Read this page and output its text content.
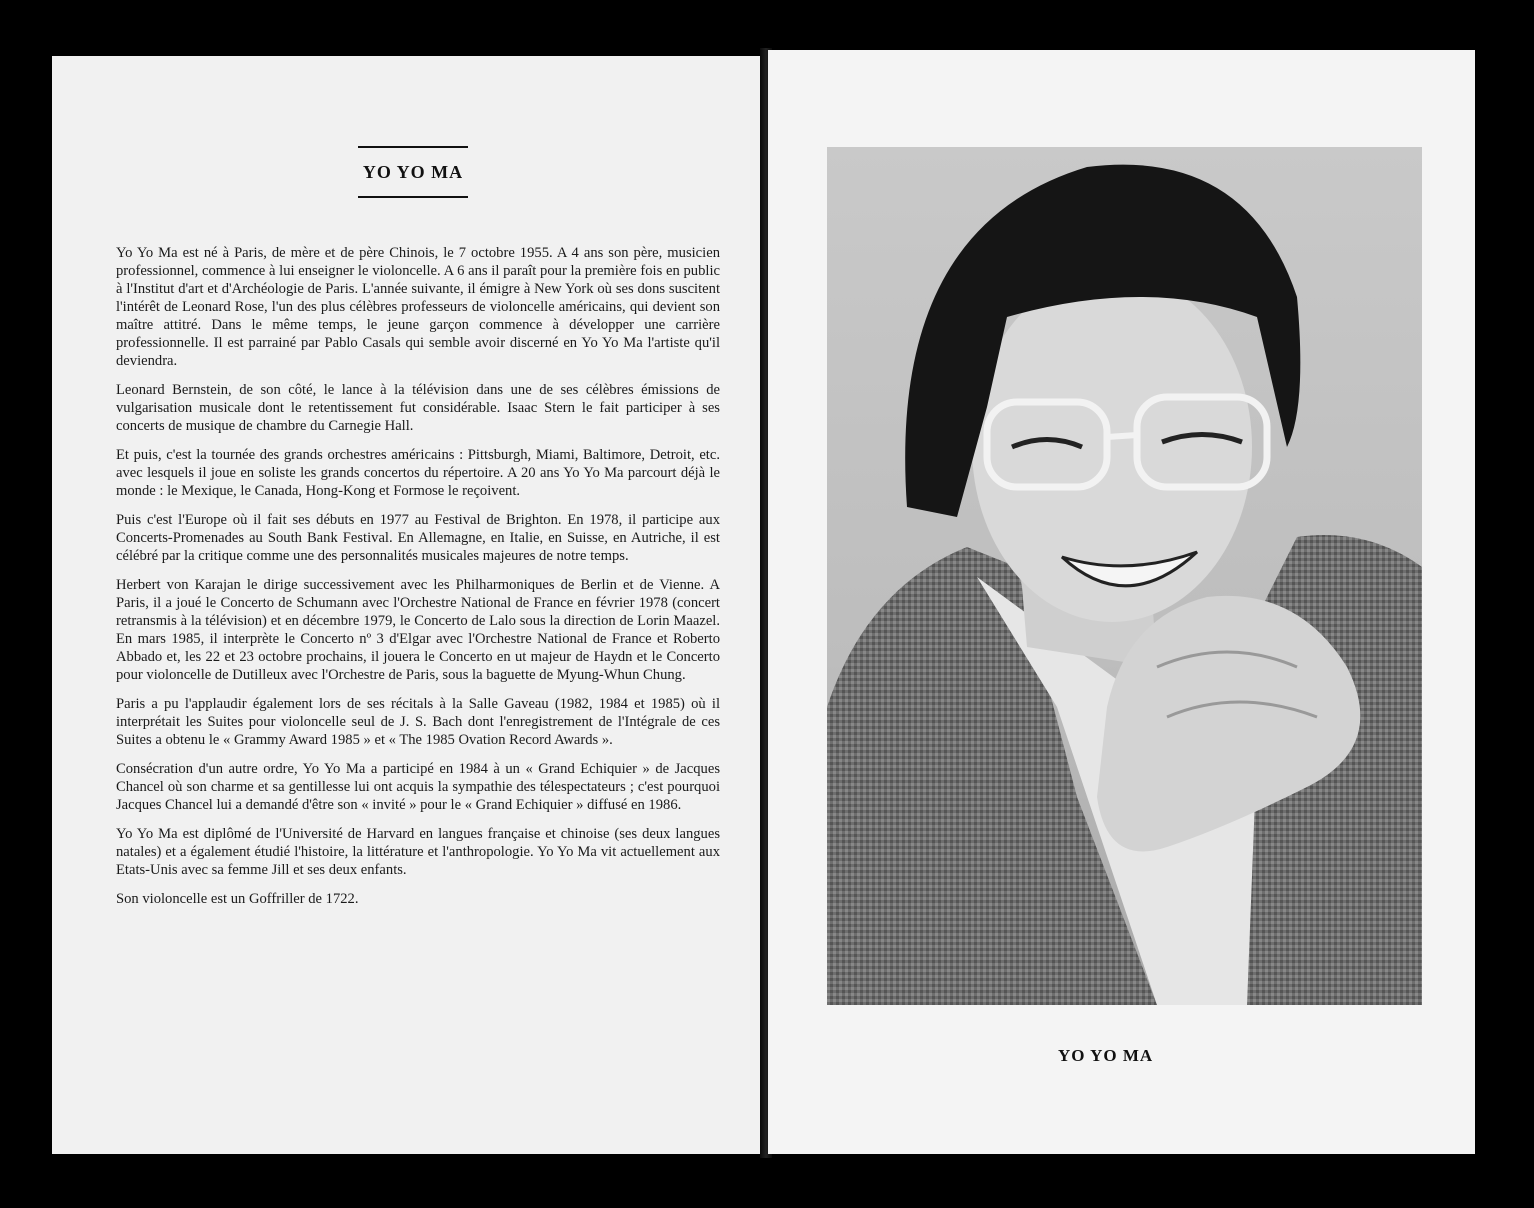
YO YO MA

Yo Yo Ma est né à Paris, de mère et de père Chinois, le 7 octobre 1955. A 4 ans son père, musicien professionnel, commence à lui enseigner le violoncelle. A 6 ans il paraît pour la première fois en public à l'Institut d'art et d'Archéologie de Paris. L'année suivante, il émigre à New York où ses dons suscitent l'intérêt de Leonard Rose, l'un des plus célèbres professeurs de violoncelle américains, qui devient son maître attitré. Dans le même temps, le jeune garçon commence à développer une carrière professionnelle. Il est parrainé par Pablo Casals qui semble avoir discerné en Yo Yo Ma l'artiste qu'il deviendra.

Leonard Bernstein, de son côté, le lance à la télévision dans une de ses célèbres émissions de vulgarisation musicale dont le retentissement fut considérable. Isaac Stern le fait participer à ses concerts de musique de chambre du Carnegie Hall.

Et puis, c'est la tournée des grands orchestres américains : Pittsburgh, Miami, Baltimore, Detroit, etc. avec lesquels il joue en soliste les grands concertos du répertoire. A 20 ans Yo Yo Ma parcourt déjà le monde : le Mexique, le Canada, Hong-Kong et Formose le reçoivent.

Puis c'est l'Europe où il fait ses débuts en 1977 au Festival de Brighton. En 1978, il participe aux Concerts-Promenades au South Bank Festival. En Allemagne, en Italie, en Suisse, en Autriche, il est célébré par la critique comme une des personnalités musicales majeures de notre temps.

Herbert von Karajan le dirige successivement avec les Philharmoniques de Berlin et de Vienne. A Paris, il a joué le Concerto de Schumann avec l'Orchestre National de France en février 1978 (concert retransmis à la télévision) et en décembre 1979, le Concerto de Lalo sous la direction de Lorin Maazel. En mars 1985, il interprète le Concerto nº 3 d'Elgar avec l'Orchestre National de France et Roberto Abbado et, les 22 et 23 octobre prochains, il jouera le Concerto en ut majeur de Haydn et le Concerto pour violoncelle de Dutilleux avec l'Orchestre de Paris, sous la baguette de Myung-Whun Chung.

Paris a pu l'applaudir également lors de ses récitals à la Salle Gaveau (1982, 1984 et 1985) où il interprétait les Suites pour violoncelle seul de J. S. Bach dont l'enregistrement de l'Intégrale de ces Suites a obtenu le « Grammy Award 1985 » et « The 1985 Ovation Record Awards ».

Consécration d'un autre ordre, Yo Yo Ma a participé en 1984 à un « Grand Echiquier » de Jacques Chancel où son charme et sa gentillesse lui ont acquis la sympathie des télespectateurs ; c'est pourquoi Jacques Chancel lui a demandé d'être son « invité » pour le « Grand Echiquier » diffusé en 1986.

Yo Yo Ma est diplômé de l'Université de Harvard en langues française et chinoise (ses deux langues natales) et a également étudié l'histoire, la littérature et l'anthropologie. Yo Yo Ma vit actuellement aux Etats-Unis avec sa femme Jill et ses deux enfants.

Son violoncelle est un Goffriller de 1722.

YO YO MA
